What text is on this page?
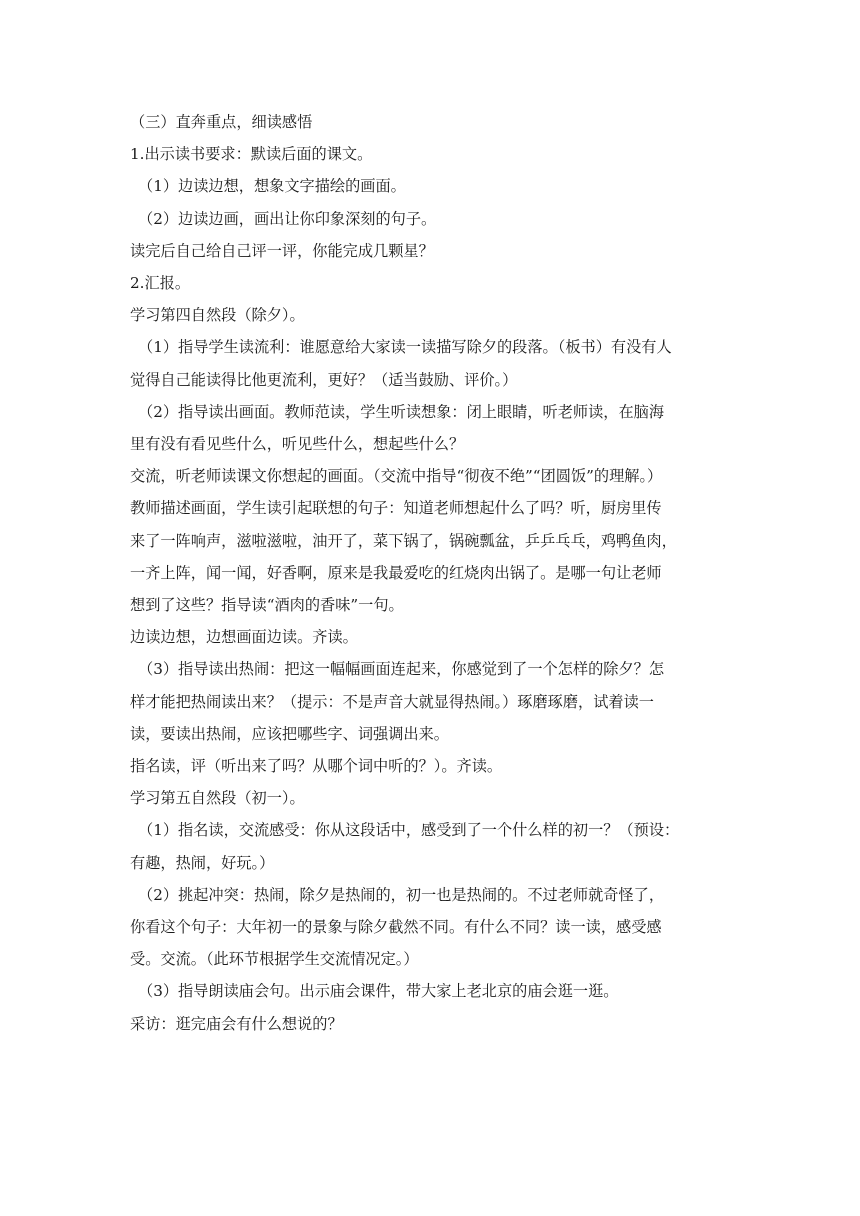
（三）直奔重点，细读感悟

1.出示读书要求：默读后面的课文。

（1）边读边想，想象文字描绘的画面。

（2）边读边画，画出让你印象深刻的句子。

读完后自己给自己评一评，你能完成几颗星？

2.汇报。

学习第四自然段（除夕）。

（1）指导学生读流利：谁愿意给大家读一读描写除夕的段落。（板书）有没有人

觉得自己能读得比他更流利，更好？（适当鼓励、评价。）

（2）指导读出画面。教师范读，学生听读想象：闭上眼睛，听老师读，在脑海

里有没有看见些什么，听见些什么，想起些什么？

交流，听老师读课文你想起的画面。（交流中指导“彻夜不绝”“团圆饭”的理解。）

教师描述画面，学生读引起联想的句子：知道老师想起什么了吗？听，厨房里传

来了一阵响声，滋啦滋啦，油开了，菜下锅了，锅碗瓢盆，乒乒乓乓，鸡鸭鱼肉，

一齐上阵，闻一闻，好香啊，原来是我最爱吃的红烧肉出锅了。是哪一句让老师

想到了这些？指导读“酒肉的香味”一句。

边读边想，边想画面边读。齐读。

（3）指导读出热闹：把这一幅幅画面连起来，你感觉到了一个怎样的除夕？怎

样才能把热闹读出来？（提示：不是声音大就显得热闹。）琢磨琢磨，试着读一

读，要读出热闹，应该把哪些字、词强调出来。

指名读，评（听出来了吗？从哪个词中听的？）。齐读。

学习第五自然段（初一）。

（1）指名读，交流感受：你从这段话中，感受到了一个什么样的初一？（预设：

有趣，热闹，好玩。）

（2）挑起冲突：热闹，除夕是热闹的，初一也是热闹的。不过老师就奇怪了，

你看这个句子：大年初一的景象与除夕截然不同。有什么不同？读一读，感受感

受。交流。（此环节根据学生交流情况定。）

（3）指导朗读庙会句。出示庙会课件，带大家上老北京的庙会逛一逛。

采访：逛完庙会有什么想说的？
